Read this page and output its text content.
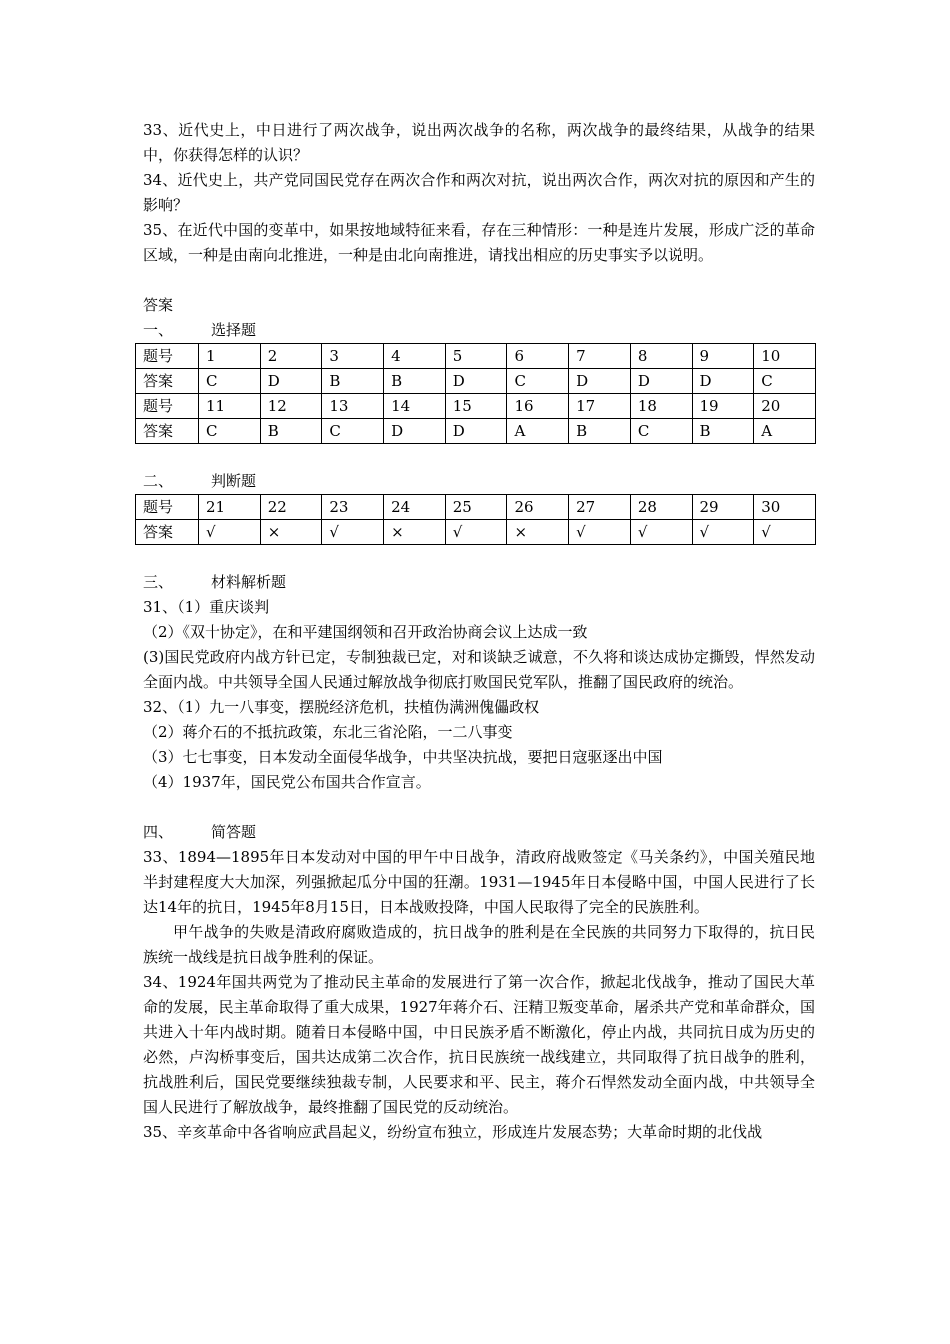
33、近代史上，中日进行了两次战争，说出两次战争的名称，两次战争的最终结果，从战争的结果中，你获得怎样的认识？

34、近代史上，共产党同国民党存在两次合作和两次对抗，说出两次合作，两次对抗的原因和产生的影响？

35、在近代中国的变革中，如果按地域特征来看，存在三种情形：一种是连片发展，形成广泛的革命区域，一种是由南向北推进，一种是由北向南推进，请找出相应的历史事实予以说明。

答案

一、	选择题
题号	1	2	3	4	5	6	7	8	9	10
答案	C	D	B	B	D	C	D	D	D	C
题号	11	12	13	14	15	16	17	18	19	20
答案	C	B	C	D	D	A	B	C	B	A
二、	判断题
题号	21	22	23	24	25	26	27	28	29	30
答案	√	×	√	×	√	×	√	√	√	√
三、	材料解析题

31、（1）重庆谈判

（2）《双十协定》，在和平建国纲领和召开政治协商会议上达成一致

(3)国民党政府内战方针已定，专制独裁已定，对和谈缺乏诚意，不久将和谈达成协定撕毁，悍然发动全面内战。中共领导全国人民通过解放战争彻底打败国民党军队，推翻了国民政府的统治。

32、（1）九一八事变，摆脱经济危机，扶植伪满洲傀儡政权

（2）蒋介石的不抵抗政策，东北三省沦陷，一二八事变

（3）七七事变，日本发动全面侵华战争，中共坚决抗战，要把日寇驱逐出中国

（4）1937年，国民党公布国共合作宣言。

四、	简答题

33、1894—1895年日本发动对中国的甲午中日战争，清政府战败签定《马关条约》，中国关殖民地半封建程度大大加深，列强掀起瓜分中国的狂潮。1931—1945年日本侵略中国，中国人民进行了长达14年的抗日，1945年8月15日，日本战败投降，中国人民取得了完全的民族胜利。

甲午战争的失败是清政府腐败造成的，抗日战争的胜利是在全民族的共同努力下取得的，抗日民族统一战线是抗日战争胜利的保证。

34、1924年国共两党为了推动民主革命的发展进行了第一次合作，掀起北伐战争，推动了国民大革命的发展，民主革命取得了重大成果，1927年蒋介石、汪精卫叛变革命，屠杀共产党和革命群众，国共进入十年内战时期。随着日本侵略中国，中日民族矛盾不断激化，停止内战，共同抗日成为历史的必然，卢沟桥事变后，国共达成第二次合作，抗日民族统一战线建立，共同取得了抗日战争的胜利，抗战胜利后，国民党要继续独裁专制，人民要求和平、民主，蒋介石悍然发动全面内战，中共领导全国人民进行了解放战争，最终推翻了国民党的反动统治。

35、辛亥革命中各省响应武昌起义，纷纷宣布独立，形成连片发展态势；大革命时期的北伐战
